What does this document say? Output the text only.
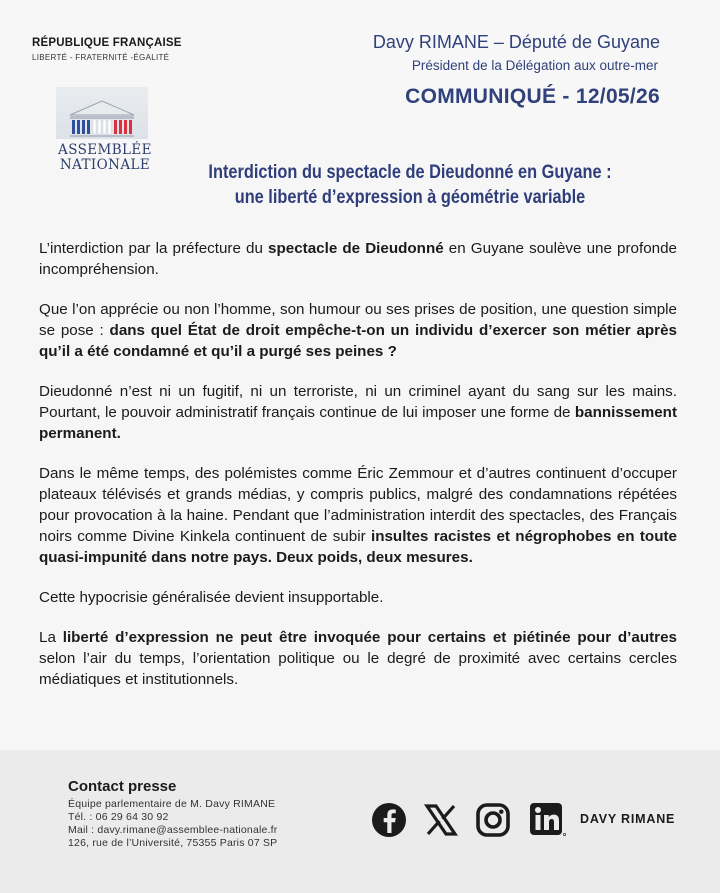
RÉPUBLIQUE FRANÇAISE
LIBERTÉ - FRATERNITÉ -ÉGALITÉ
ASSEMBLÉE
NATIONALE
Davy RIMANE – Député de Guyane
Président de la Délégation aux outre-mer
COMMUNIQUÉ - 12/05/26
Interdiction du spectacle de Dieudonné en Guyane :
une liberté d’expression à géométrie variable

L’interdiction par la préfecture du spectacle de Dieudonné en Guyane soulève une profonde incompréhension.

Que l’on apprécie ou non l’homme, son humour ou ses prises de position, une question simple se pose : dans quel État de droit empêche-t-on un individu d’exercer son métier après qu’il a été condamné et qu’il a purgé ses peines ?

Dieudonné n’est ni un fugitif, ni un terroriste, ni un criminel ayant du sang sur les mains. Pourtant, le pouvoir administratif français continue de lui imposer une forme de bannissement permanent.

Dans le même temps, des polémistes comme Éric Zemmour et d’autres continuent d’occuper plateaux télévisés et grands médias, y compris publics, malgré des condamnations répétées pour provocation à la haine. Pendant que l’administration interdit des spectacles, des Français noirs comme Divine Kinkela continuent de subir insultes racistes et négrophobes en toute quasi-impunité dans notre pays. Deux poids, deux mesures.

Cette hypocrisie généralisée devient insupportable.

La liberté d’expression ne peut être invoquée pour certains et piétinée pour d’autres selon l’air du temps, l’orientation politique ou le degré de proximité avec certains cercles médiatiques et institutionnels.

Contact presse
Équipe parlementaire de M. Davy RIMANE
Tél. : 06 29 64 30 92
Mail : davy.rimane@assemblee-nationale.fr
126, rue de l’Université, 75355 Paris 07 SP
DAVY RIMANE
